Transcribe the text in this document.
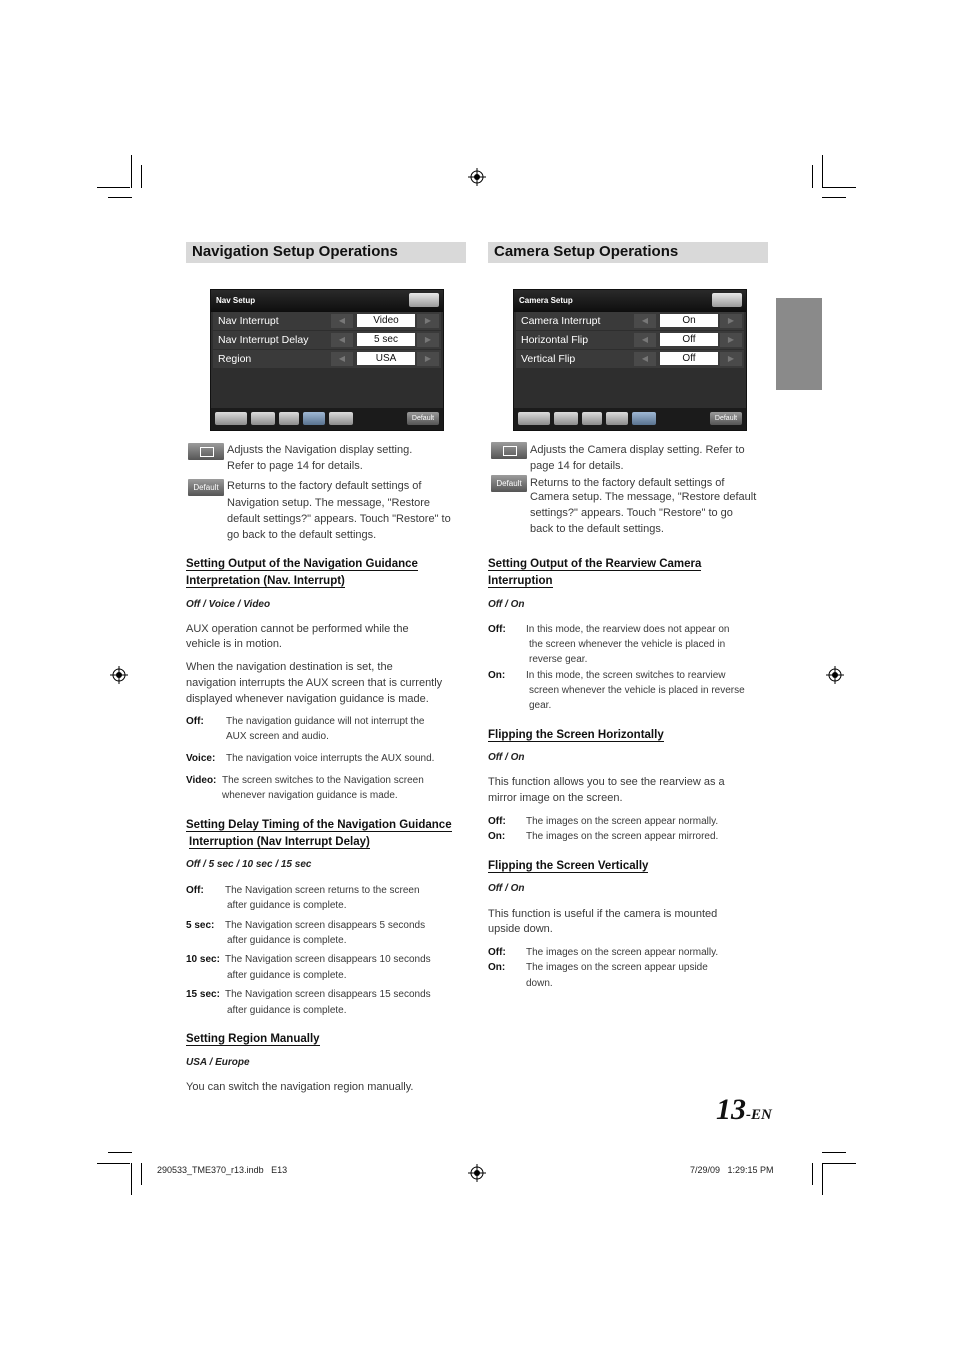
Navigation Setup Operations
Nav Setup
Nav Interrupt	◀	Video	▶
Nav Interrupt Delay	◀	5 sec	▶
Region	◀	USA	▶
Default
Adjusts the Navigation display setting.
Refer to page 14 for details.
Default Returns to the factory default settings of
Navigation setup. The message, "Restore
default settings?" appears. Touch "Restore" to
go back to the default settings.
Setting Output of the Navigation Guidance
Interpretation (Nav. Interrupt)
Off / Voice / Video
AUX operation cannot be performed while the
vehicle is in motion.
When the navigation destination is set, the
navigation interrupts the AUX screen that is currently
displayed whenever navigation guidance is made.
Off: The navigation guidance will not interrupt the
AUX screen and audio.
Voice: The navigation voice interrupts the AUX sound.
Video: The screen switches to the Navigation screen
whenever navigation guidance is made.
Setting Delay Timing of the Navigation Guidance
Interruption (Nav Interrupt Delay)
Off / 5 sec / 10 sec / 15 sec
Off: The Navigation screen returns to the screen
after guidance is complete.
5 sec: The Navigation screen disappears 5 seconds
after guidance is complete.
10 sec: The Navigation screen disappears 10 seconds
after guidance is complete.
15 sec: The Navigation screen disappears 15 seconds
after guidance is complete.
Setting Region Manually
USA / Europe
You can switch the navigation region manually.
Camera Setup Operations
Camera Setup
Camera Interrupt	◀	On	▶
Horizontal Flip	◀	Off	▶
Vertical Flip	◀	Off	▶
Default
Adjusts the Camera display setting. Refer to
page 14 for details.
Default Returns to the factory default settings of
Camera setup. The message, "Restore default
settings?" appears. Touch "Restore" to go
back to the default settings.
Setting Output of the Rearview Camera
Interruption
Off / On
Off: In this mode, the rearview does not appear on
the screen whenever the vehicle is placed in
reverse gear.
On: In this mode, the screen switches to rearview
screen whenever the vehicle is placed in reverse
gear.
Flipping the Screen Horizontally
Off / On
This function allows you to see the rearview as a
mirror image on the screen.
Off: The images on the screen appear normally.
On: The images on the screen appear mirrored.
Flipping the Screen Vertically
Off / On
This function is useful if the camera is mounted
upside down.
Off: The images on the screen appear normally.
On: The images on the screen appear upside
down.
13-EN
290533_TME370_r13.indb   E13	7/29/09   1:29:15 PM
